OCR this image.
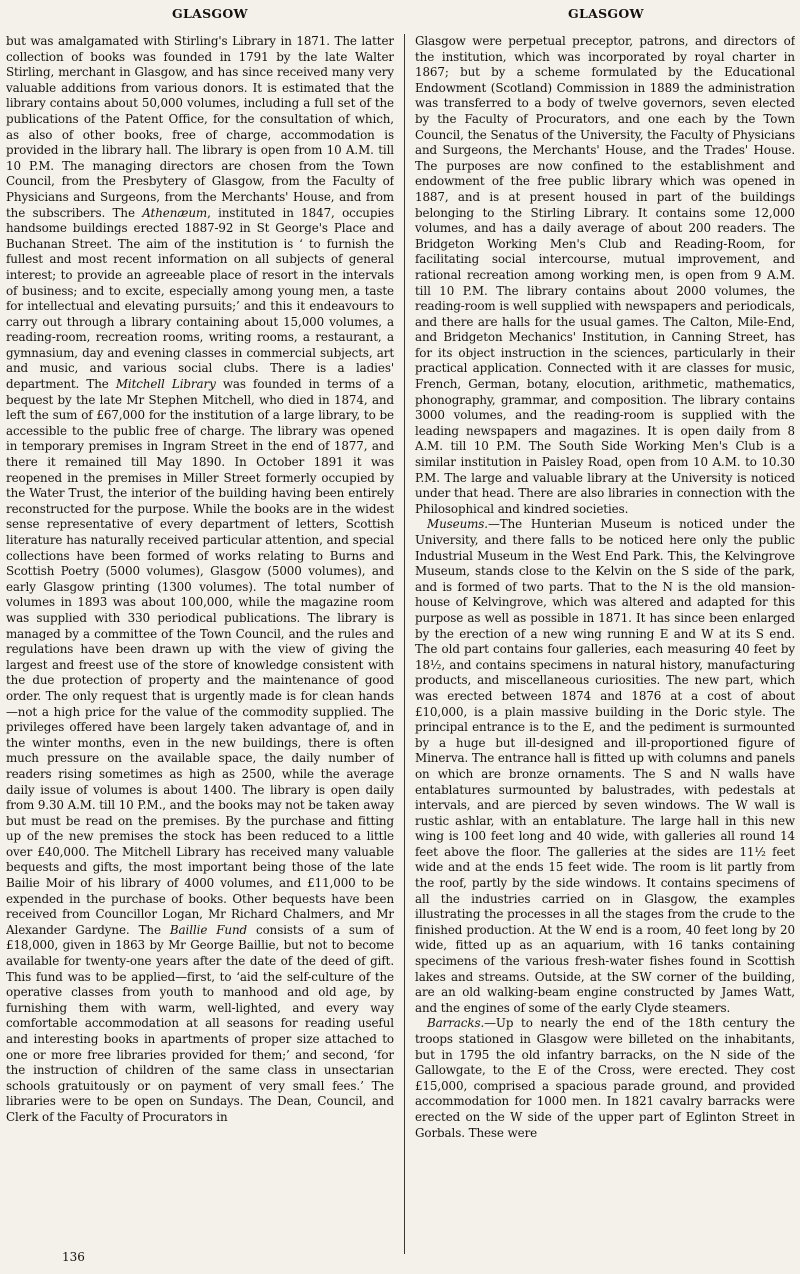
GLASGOW	GLASGOW

but was amalgamated with Stirling's Library in 1871. The latter collection of books was founded in 1791 by the late Walter Stirling, merchant in Glasgow, and has since received many very valuable additions from various donors. It is estimated that the library contains about 50,000 volumes, including a full set of the publications of the Patent Office, for the consultation of which, as also of other books, free of charge, accommodation is provided in the library hall. The library is open from 10 A.M. till 10 P.M. The managing directors are chosen from the Town Council, from the Presbytery of Glasgow, from the Faculty of Physicians and Surgeons, from the Merchants' House, and from the subscribers. The Athenæum, instituted in 1847, occupies handsome buildings erected 1887-92 in St George's Place and Buchanan Street. The aim of the institution is ‘ to furnish the fullest and most recent information on all subjects of general interest; to provide an agreeable place of resort in the intervals of business; and to excite, especially among young men, a taste for intellectual and elevating pursuits;’ and this it endeavours to carry out through a library containing about 15,000 volumes, a reading-room, recreation rooms, writing rooms, a restaurant, a gymnasium, day and evening classes in commercial subjects, art and music, and various social clubs. There is a ladies' department. The Mitchell Library was founded in terms of a bequest by the late Mr Stephen Mitchell, who died in 1874, and left the sum of £67,000 for the institution of a large library, to be accessible to the public free of charge. The library was opened in temporary premises in Ingram Street in the end of 1877, and there it remained till May 1890. In October 1891 it was reopened in the premises in Miller Street formerly occupied by the Water Trust, the interior of the building having been entirely reconstructed for the purpose. While the books are in the widest sense representative of every department of letters, Scottish literature has naturally received particular attention, and special collections have been formed of works relating to Burns and Scottish Poetry (5000 volumes), Glasgow (5000 volumes), and early Glasgow printing (1300 volumes). The total number of volumes in 1893 was about 100,000, while the magazine room was supplied with 330 periodical publications. The library is managed by a committee of the Town Council, and the rules and regulations have been drawn up with the view of giving the largest and freest use of the store of knowledge consistent with the due protection of property and the maintenance of good order. The only request that is urgently made is for clean hands—not a high price for the value of the commodity supplied. The privileges offered have been largely taken advantage of, and in the winter months, even in the new buildings, there is often much pressure on the available space, the daily number of readers rising sometimes as high as 2500, while the average daily issue of volumes is about 1400. The library is open daily from 9.30 A.M. till 10 P.M., and the books may not be taken away but must be read on the premises. By the purchase and fitting up of the new premises the stock has been reduced to a little over £40,000. The Mitchell Library has received many valuable bequests and gifts, the most important being those of the late Bailie Moir of his library of 4000 volumes, and £11,000 to be expended in the purchase of books. Other bequests have been received from Councillor Logan, Mr Richard Chalmers, and Mr Alexander Gardyne. The Baillie Fund consists of a sum of £18,000, given in 1863 by Mr George Baillie, but not to become available for twenty-one years after the date of the deed of gift. This fund was to be applied—first, to ‘aid the self-culture of the operative classes from youth to manhood and old age, by furnishing them with warm, well-lighted, and every way comfortable accommodation at all seasons for reading useful and interesting books in apartments of proper size attached to one or more free libraries provided for them;’ and second, ‘for the instruction of children of the same class in unsectarian schools gratuitously or on payment of very small fees.’ The libraries were to be open on Sundays. The Dean, Council, and Clerk of the Faculty of Procurators in

Glasgow were perpetual preceptor, patrons, and directors of the institution, which was incorporated by royal charter in 1867; but by a scheme formulated by the Educational Endowment (Scotland) Commission in 1889 the administration was transferred to a body of twelve governors, seven elected by the Faculty of Procurators, and one each by the Town Council, the Senatus of the University, the Faculty of Physicians and Surgeons, the Merchants' House, and the Trades' House. The purposes are now confined to the establishment and endowment of the free public library which was opened in 1887, and is at present housed in part of the buildings belonging to the Stirling Library. It contains some 12,000 volumes, and has a daily average of about 200 readers. The Bridgeton Working Men's Club and Reading-Room, for facilitating social intercourse, mutual improvement, and rational recreation among working men, is open from 9 A.M. till 10 P.M. The library contains about 2000 volumes, the reading-room is well supplied with newspapers and periodicals, and there are halls for the usual games. The Calton, Mile-End, and Bridgeton Mechanics' Institution, in Canning Street, has for its object instruction in the sciences, particularly in their practical application. Connected with it are classes for music, French, German, botany, elocution, arithmetic, mathematics, phonography, grammar, and composition. The library contains 3000 volumes, and the reading-room is supplied with the leading newspapers and magazines. It is open daily from 8 A.M. till 10 P.M. The South Side Working Men's Club is a similar institution in Paisley Road, open from 10 A.M. to 10.30 P.M. The large and valuable library at the University is noticed under that head. There are also libraries in connection with the Philosophical and kindred societies.

Museums.—The Hunterian Museum is noticed under the University, and there falls to be noticed here only the public Industrial Museum in the West End Park. This, the Kelvingrove Museum, stands close to the Kelvin on the S side of the park, and is formed of two parts. That to the N is the old mansion-house of Kelvingrove, which was altered and adapted for this purpose as well as possible in 1871. It has since been enlarged by the erection of a new wing running E and W at its S end. The old part contains four galleries, each measuring 40 feet by 18½, and contains specimens in natural history, manufacturing products, and miscellaneous curiosities. The new part, which was erected between 1874 and 1876 at a cost of about £10,000, is a plain massive building in the Doric style. The principal entrance is to the E, and the pediment is surmounted by a huge but ill-designed and ill-proportioned figure of Minerva. The entrance hall is fitted up with columns and panels on which are bronze ornaments. The S and N walls have entablatures surmounted by balustrades, with pedestals at intervals, and are pierced by seven windows. The W wall is rustic ashlar, with an entablature. The large hall in this new wing is 100 feet long and 40 wide, with galleries all round 14 feet above the floor. The galleries at the sides are 11½ feet wide and at the ends 15 feet wide. The room is lit partly from the roof, partly by the side windows. It contains specimens of all the industries carried on in Glasgow, the examples illustrating the processes in all the stages from the crude to the finished production. At the W end is a room, 40 feet long by 20 wide, fitted up as an aquarium, with 16 tanks containing specimens of the various fresh-water fishes found in Scottish lakes and streams. Outside, at the SW corner of the building, are an old walking-beam engine constructed by James Watt, and the engines of some of the early Clyde steamers.

Barracks.—Up to nearly the end of the 18th century the troops stationed in Glasgow were billeted on the inhabitants, but in 1795 the old infantry barracks, on the N side of the Gallowgate, to the E of the Cross, were erected. They cost £15,000, comprised a spacious parade ground, and provided accommodation for 1000 men. In 1821 cavalry barracks were erected on the W side of the upper part of Eglinton Street in Gorbals. These were

136
